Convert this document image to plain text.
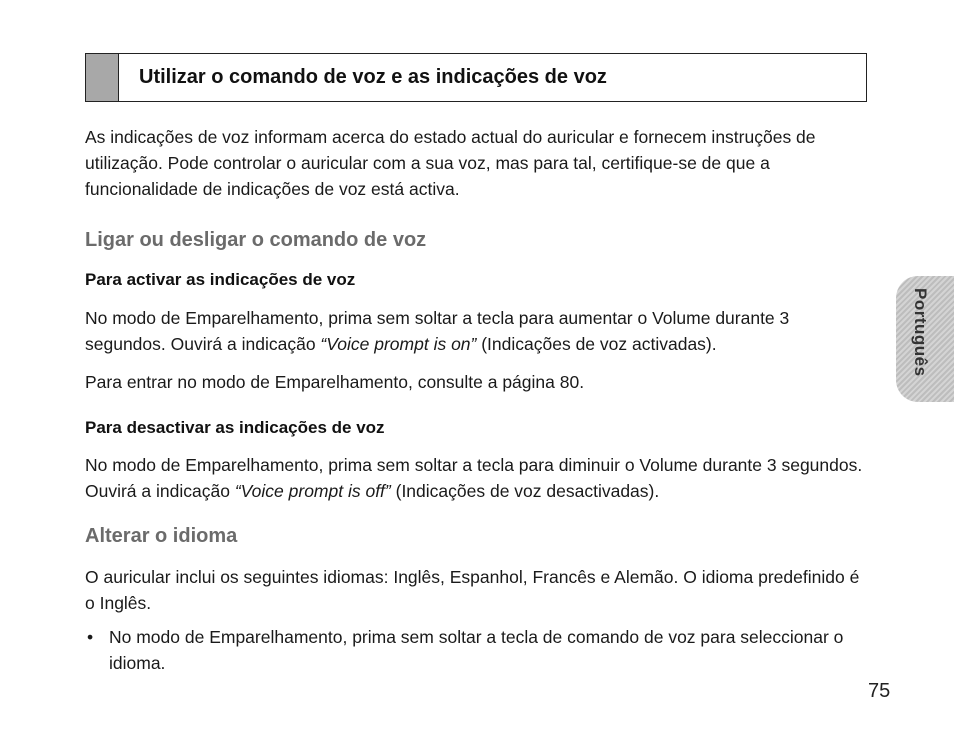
Utilizar o comando de voz e as indicações de voz

As indicações de voz informam acerca do estado actual do auricular e fornecem instruções de utilização. Pode controlar o auricular com a sua voz, mas para tal, certifique-se de que a funcionalidade de indicações de voz está activa.

Ligar ou desligar o comando de voz
Para activar as indicações de voz

No modo de Emparelhamento, prima sem soltar a tecla para aumentar o Volume durante 3 segundos. Ouvirá a indicação “Voice prompt is on” (Indicações de voz activadas).

Para entrar no modo de Emparelhamento, consulte a página 80.

Para desactivar as indicações de voz

No modo de Emparelhamento, prima sem soltar a tecla para diminuir o Volume durante 3 segundos. Ouvirá a indicação “Voice prompt is off” (Indicações de voz desactivadas).

Alterar o idioma

O auricular inclui os seguintes idiomas: Inglês, Espanhol, Francês e Alemão. O idioma predefinido é o Inglês.

• No modo de Emparelhamento, prima sem soltar a tecla de comando de voz para seleccionar o idioma.
Português
75
